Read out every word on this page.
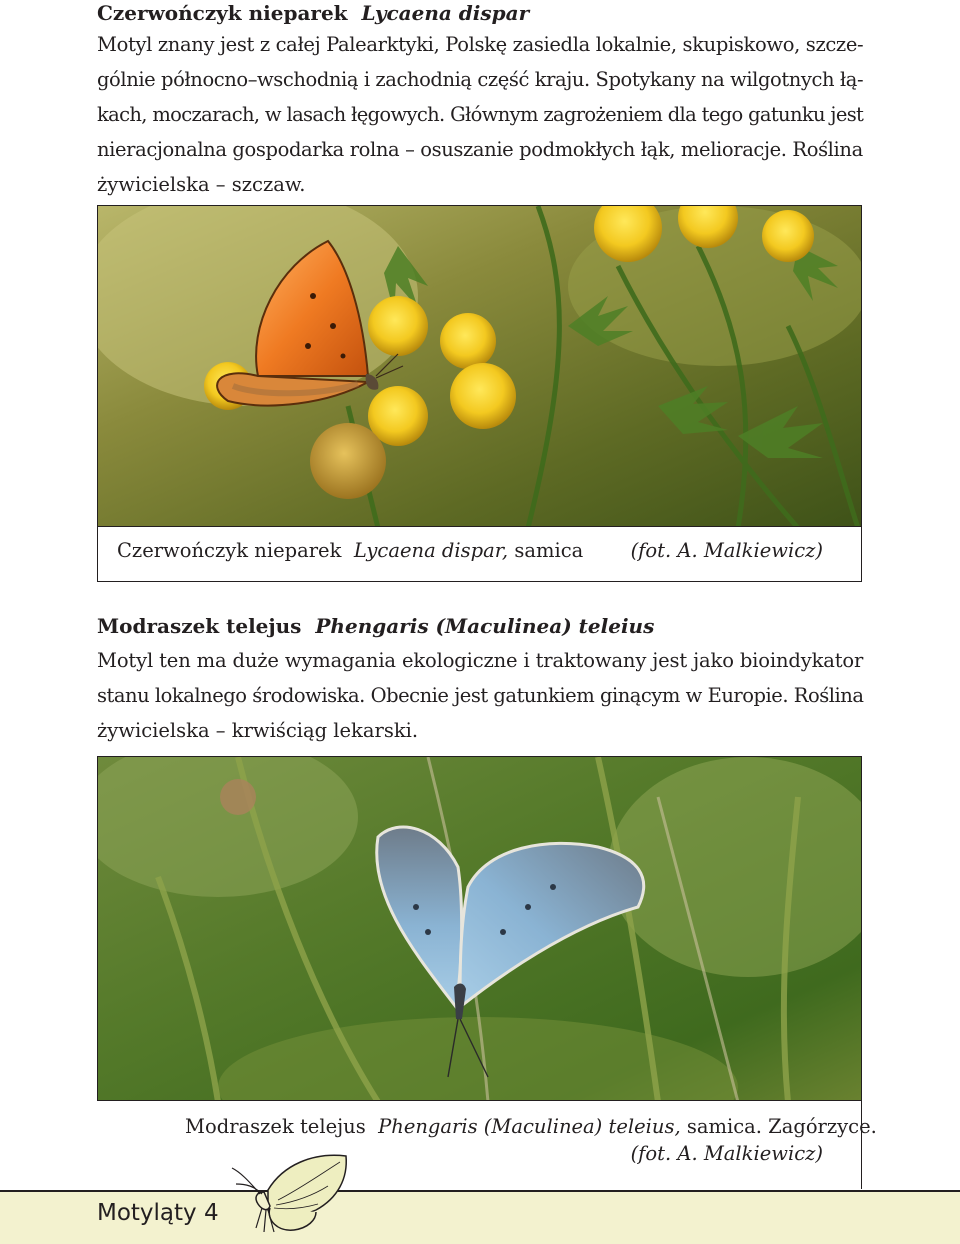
Czerwończyk nieparek Lycaena dispar
Motyl znany jest z całej Palearktyki, Polskę zasiedla lokalnie, skupiskowo, szcze-
gólnie północno–wschodnią i zachodnią część kraju. Spotykany na wilgotnych łą-
kach, moczarach, w lasach łęgowych. Głównym zagrożeniem dla tego gatunku jest
nieracjonalna gospodarka rolna – osuszanie podmokłych łąk, melioracje. Roślina
żywicielska – szczaw.
Czerwończyk nieparek Lycaena dispar, samica (fot. A. Malkiewicz)
Modraszek telejus Phengaris (Maculinea) teleius
Motyl ten ma duże wymagania ekologiczne i traktowany jest jako bioindykator
stanu lokalnego środowiska. Obecnie jest gatunkiem ginącym w Europie. Roślina
żywicielska – krwiściąg lekarski.
Modraszek telejus Phengaris (Maculinea) teleius, samica. Zagórzyce.
(fot. A. Malkiewicz)
Motyląty 4
